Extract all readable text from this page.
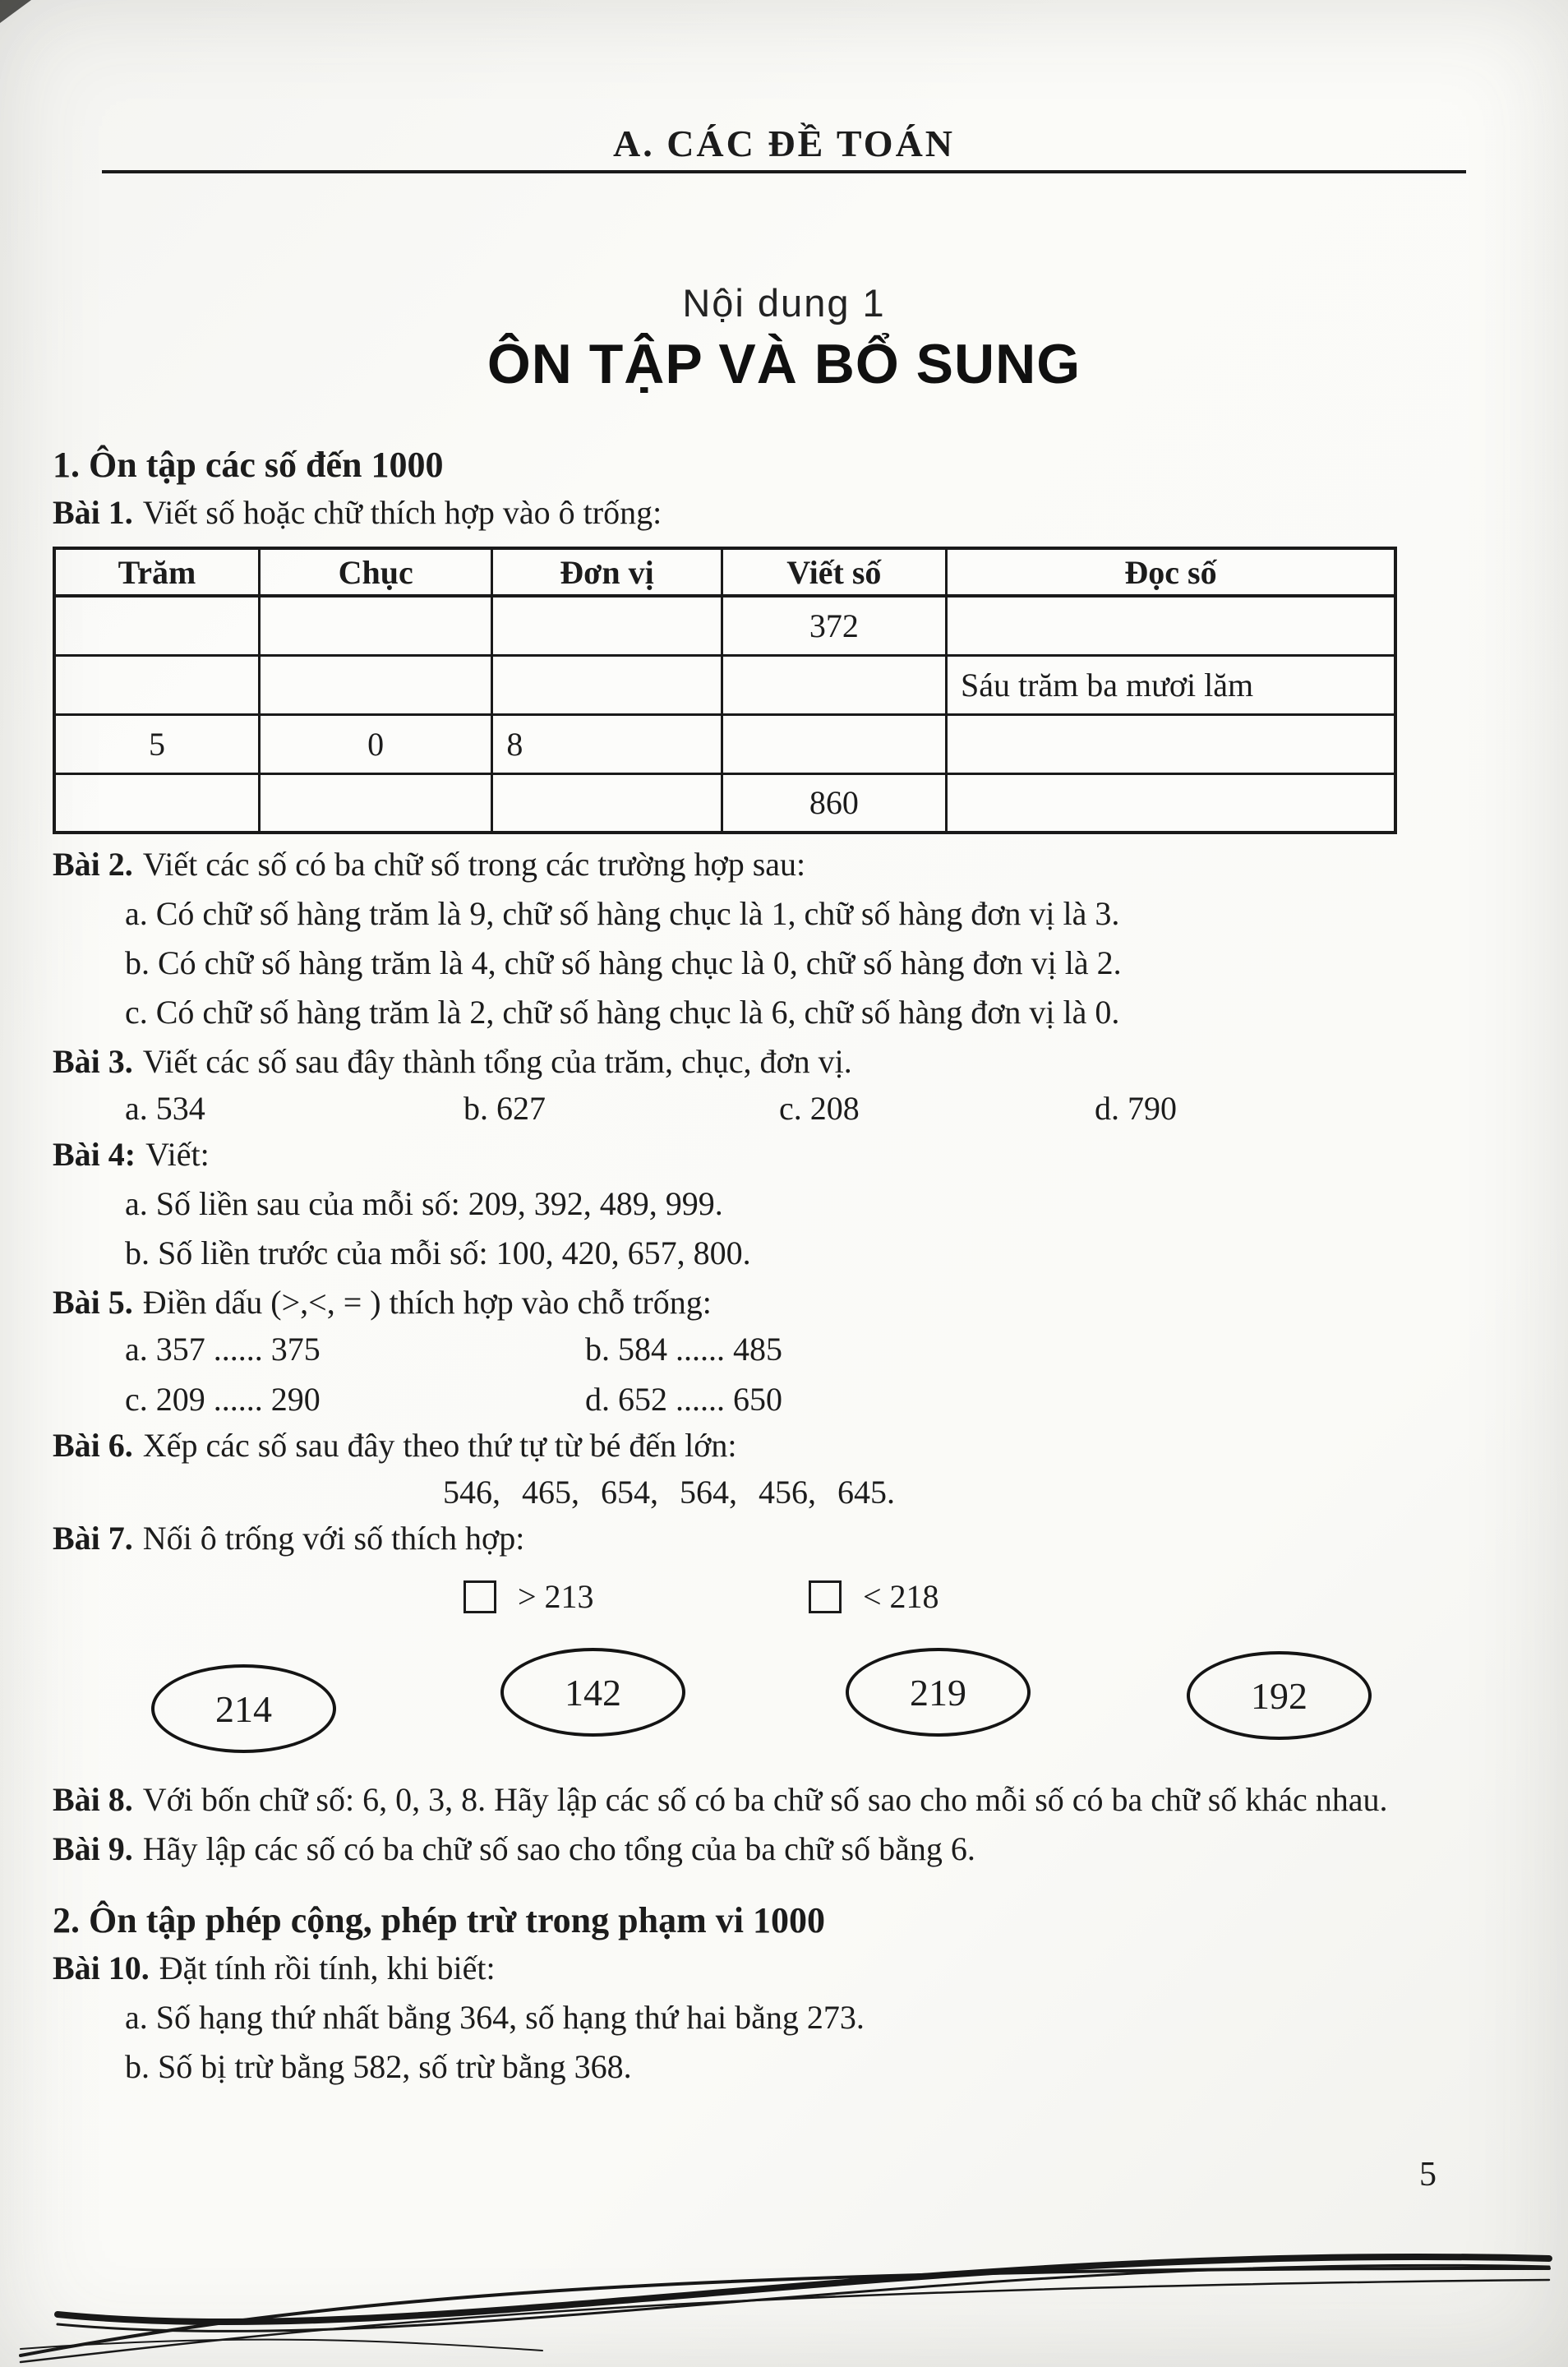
A. CÁC ĐỀ TOÁN
Nội dung 1
ÔN TẬP VÀ BỔ SUNG
1. Ôn tập các số đến 1000

Bài 1. Viết số hoặc chữ thích hợp vào ô trống:

Trăm	Chục	Đơn vị	Viết số	Đọc số
			372	
				Sáu trăm ba mươi lăm
5	0	8		
			860	

Bài 2. Viết các số có ba chữ số trong các trường hợp sau:

a. Có chữ số hàng trăm là 9, chữ số hàng chục là 1, chữ số hàng đơn vị là 3.

b. Có chữ số hàng trăm là 4, chữ số hàng chục là 0, chữ số hàng đơn vị là 2.

c. Có chữ số hàng trăm là 2, chữ số hàng chục là 6, chữ số hàng đơn vị là 0.

Bài 3. Viết các số sau đây thành tổng của trăm, chục, đơn vị.

a. 534	b. 627	c. 208	d. 790

Bài 4: Viết:

a. Số liền sau của mỗi số: 209, 392, 489, 999.

b. Số liền trước của mỗi số: 100, 420, 657, 800.

Bài 5. Điền dấu (>,<, = ) thích hợp vào chỗ trống:

a. 357 ...... 375	b. 584 ...... 485
c. 209 ...... 290	d. 652 ...... 650

Bài 6. Xếp các số sau đây theo thứ tự từ bé đến lớn:

546, 465, 654, 564, 456, 645.

Bài 7. Nối ô trống với số thích hợp:

> 213	< 218
214	142	219	192

Bài 8. Với bốn chữ số: 6, 0, 3, 8. Hãy lập các số có ba chữ số sao cho mỗi số có ba chữ số khác nhau.

Bài 9. Hãy lập các số có ba chữ số sao cho tổng của ba chữ số bằng 6.

2. Ôn tập phép cộng, phép trừ trong phạm vi 1000

Bài 10. Đặt tính rồi tính, khi biết:

a. Số hạng thứ nhất bằng 364, số hạng thứ hai bằng 273.

b. Số bị trừ bằng 582, số trừ bằng 368.

5
